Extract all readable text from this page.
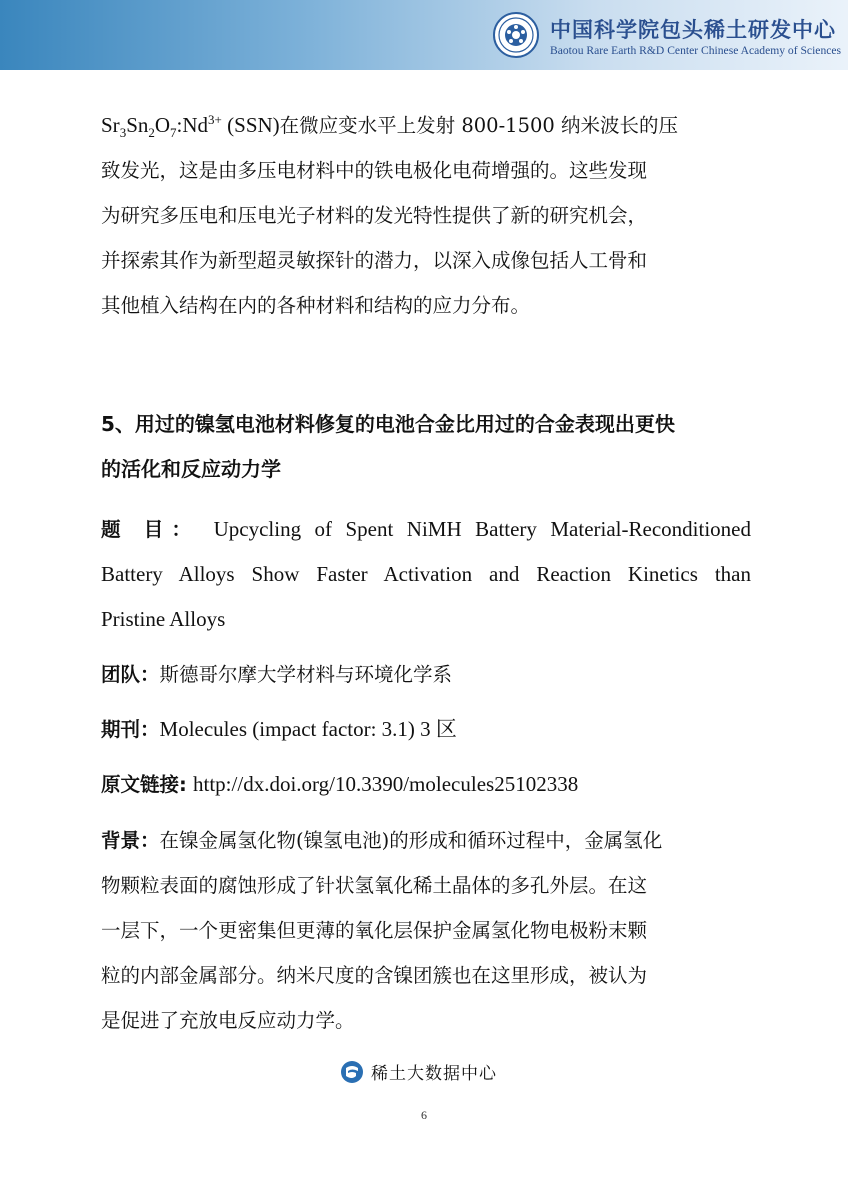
中国科学院包头稀土研发中心
Baotou Rare Earth R&D Center Chinese Academy of Sciences
$Sr_3Sn_2O_7:Nd^{3+}$ (SSN)在微应变水平上发射 800-1500 纳米波长的压
致发光，这是由多压电材料中的铁电极化电荷增强的。这些发现
为研究多压电和压电光子材料的发光特性提供了新的研究机会，
并探索其作为新型超灵敏探针的潜力，以深入成像包括人工骨和
其他植入结构在内的各种材料和结构的应力分布。
5、用过的镍氢电池材料修复的电池合金比用过的合金表现出更快
的活化和反应动力学
题 目： Upcycling of Spent NiMH Battery Material-Reconditioned
Battery Alloys Show Faster Activation and Reaction Kinetics than
Pristine Alloys
团队：斯德哥尔摩大学材料与环境化学系
期刊：Molecules (impact factor: 3.1) 3 区
原文链接: http://dx.doi.org/10.3390/molecules25102338
背景：在镍金属氢化物(镍氢电池)的形成和循环过程中，金属氢化
物颗粒表面的腐蚀形成了针状氢氧化稀土晶体的多孔外层。在这
一层下，一个更密集但更薄的氧化层保护金属氢化物电极粉末颗
粒的内部金属部分。纳米尺度的含镍团簇也在这里形成，被认为
是促进了充放电反应动力学。
稀土大数据中心
6
